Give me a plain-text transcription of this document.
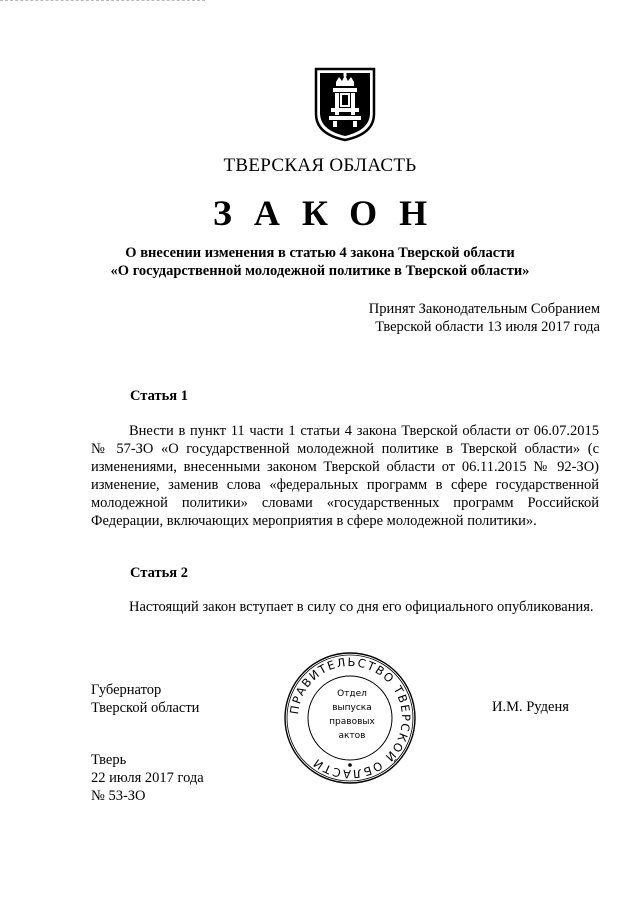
ТВЕРСКАЯ ОБЛАСТЬ
ЗАКОН
О внесении изменения в статью 4 закона Тверской области
«О государственной молодежной политике в Тверской области»
Принят Законодательным Собранием
Тверской области 13 июля 2017 года
Статья 1

Внести в пункт 11 части 1 статьи 4 закона Тверской области от 06.07.2015 № 57-ЗО «О государственной молодежной политике в Тверской области» (с изменениями, внесенными законом Тверской области от 06.11.2015 № 92-ЗО) изменение, заменив слова «федеральных программ в сфере государственной молодежной политики» словами «государственных программ Российской Федерации, включающих мероприятия в сфере молодежной политики».

Статья 2

Настоящий закон вступает в силу со дня его официального опубликования.

Губернатор
Тверской области	И.М. Руденя
ПРАВИТЕЛЬСТВО ТВЕРСКОЙ ОБЛАСТИ
Отдел
выпуска
правовых
актов
Тверь
22 июля 2017 года
№ 53-ЗО
